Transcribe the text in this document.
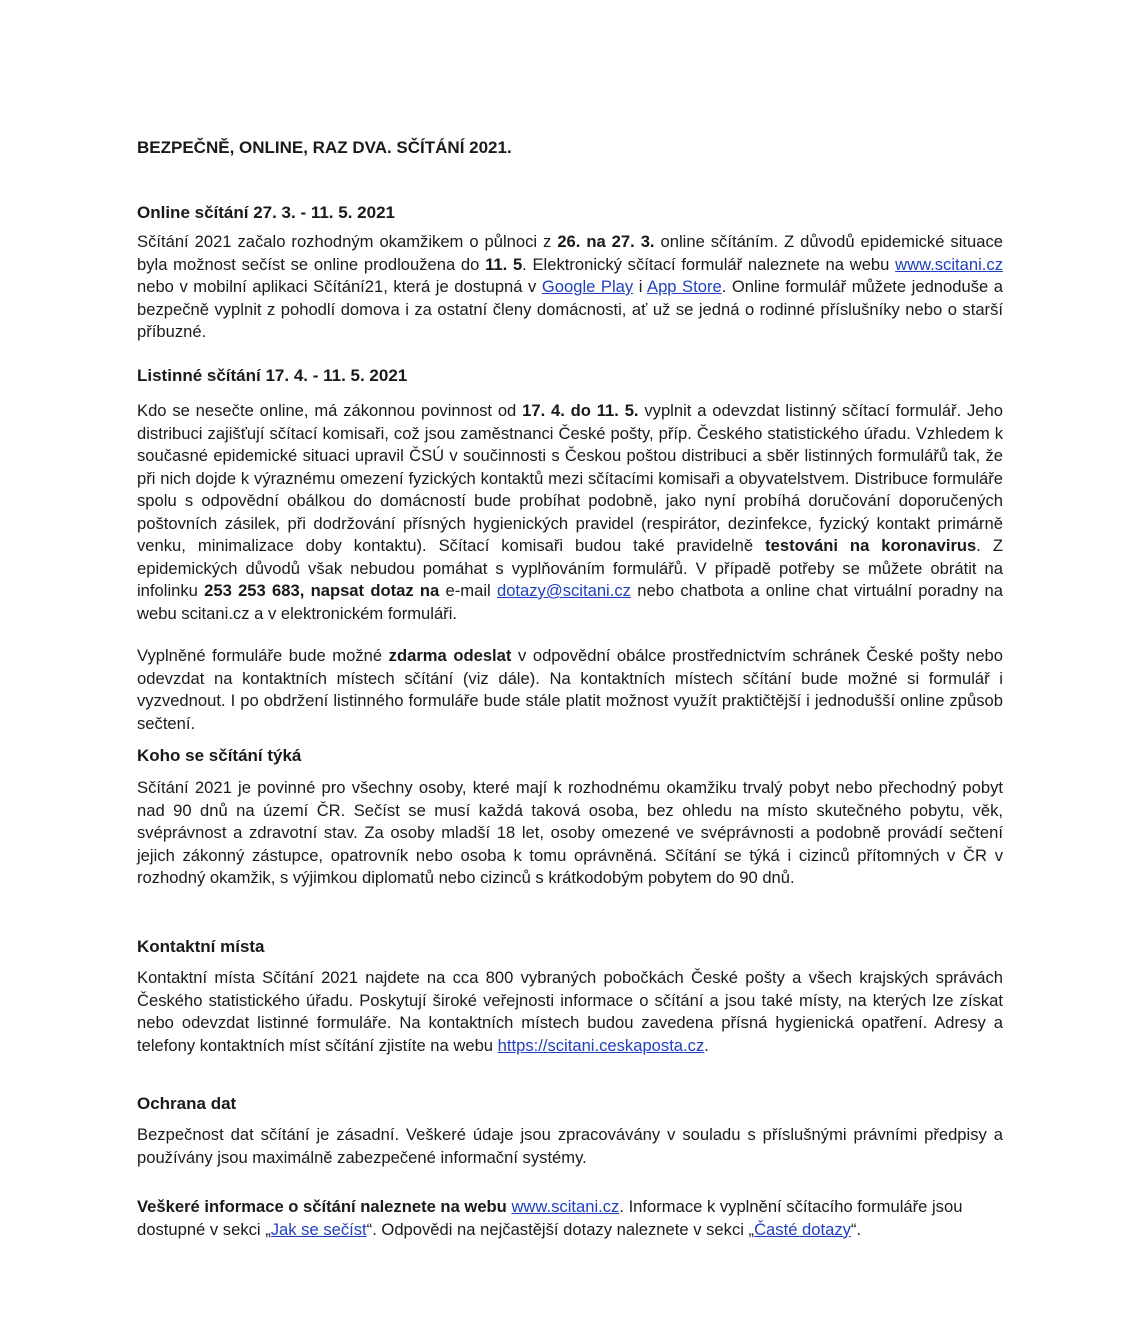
BEZPEČNĚ, ONLINE, RAZ DVA. SČÍTÁNÍ 2021.
Online sčítání 27. 3. - 11. 5. 2021

Sčítání 2021 začalo rozhodným okamžikem o půlnoci z 26. na 27. 3. online sčítáním. Z důvodů epidemické situace byla možnost sečíst se online prodloužena do 11. 5. Elektronický sčítací formulář naleznete na webu www.scitani.cz nebo v mobilní aplikaci Sčítání21, která je dostupná v Google Play i App Store. Online formulář můžete jednoduše a bezpečně vyplnit z pohodlí domova i za ostatní členy domácnosti, ať už se jedná o rodinné příslušníky nebo o starší příbuzné.

Listinné sčítání 17. 4. - 11. 5. 2021

Kdo se nesečte online, má zákonnou povinnost od 17. 4. do 11. 5. vyplnit a odevzdat listinný sčítací formulář. Jeho distribuci zajišťují sčítací komisaři, což jsou zaměstnanci České pošty, příp. Českého statistického úřadu. Vzhledem k současné epidemické situaci upravil ČSÚ v součinnosti s Českou poštou distribuci a sběr listinných formulářů tak, že při nich dojde k výraznému omezení fyzických kontaktů mezi sčítacími komisaři a obyvatelstvem. Distribuce formuláře spolu s odpovědní obálkou do domácností bude probíhat podobně, jako nyní probíhá doručování doporučených poštovních zásilek, při dodržování přísných hygienických pravidel (respirátor, dezinfekce, fyzický kontakt primárně venku, minimalizace doby kontaktu). Sčítací komisaři budou také pravidelně testováni na koronavirus. Z epidemických důvodů však nebudou pomáhat s vyplňováním formulářů. V případě potřeby se můžete obrátit na infolinku 253 253 683, napsat dotaz na e-mail dotazy@scitani.cz nebo chatbota a online chat virtuální poradny na webu scitani.cz a v elektronickém formuláři.

Vyplněné formuláře bude možné zdarma odeslat v odpovědní obálce prostřednictvím schránek České pošty nebo odevzdat na kontaktních místech sčítání (viz dále). Na kontaktních místech sčítání bude možné si formulář i vyzvednout. I po obdržení listinného formuláře bude stále platit možnost využít praktičtější i jednodušší online způsob sečtení.

Koho se sčítání týká

Sčítání 2021 je povinné pro všechny osoby, které mají k rozhodnému okamžiku trvalý pobyt nebo přechodný pobyt nad 90 dnů na území ČR. Sečíst se musí každá taková osoba, bez ohledu na místo skutečného pobytu, věk, svéprávnost a zdravotní stav. Za osoby mladší 18 let, osoby omezené ve svéprávnosti a podobně provádí sečtení jejich zákonný zástupce, opatrovník nebo osoba k tomu oprávněná. Sčítání se týká i cizinců přítomných v ČR v rozhodný okamžik, s výjimkou diplomatů nebo cizinců s krátkodobým pobytem do 90 dnů.

Kontaktní místa

Kontaktní místa Sčítání 2021 najdete na cca 800 vybraných pobočkách České pošty a všech krajských správách Českého statistického úřadu. Poskytují široké veřejnosti informace o sčítání a jsou také místy, na kterých lze získat nebo odevzdat listinné formuláře. Na kontaktních místech budou zavedena přísná hygienická opatření. Adresy a telefony kontaktních míst sčítání zjistíte na webu https://scitani.ceskaposta.cz.

Ochrana dat

Bezpečnost dat sčítání je zásadní. Veškeré údaje jsou zpracovávány v souladu s příslušnými právními předpisy a používány jsou maximálně zabezpečené informační systémy.

Veškeré informace o sčítání naleznete na webu www.scitani.cz. Informace k vyplnění sčítacího formuláře jsou dostupné v sekci „Jak se sečíst“. Odpovědi na nejčastější dotazy naleznete v sekci „Časté dotazy“.
